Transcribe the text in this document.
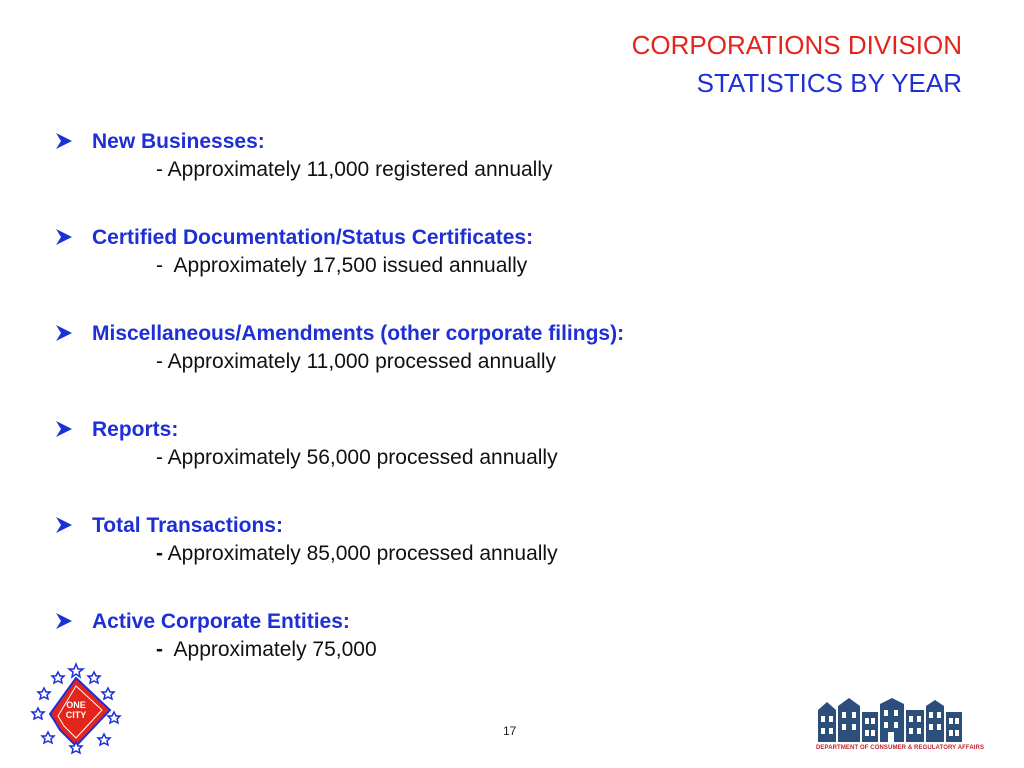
CORPORATIONS DIVISION
STATISTICS BY YEAR
New Businesses:
- Approximately 11,000 registered annually
Certified Documentation/Status Certificates:
-  Approximately 17,500 issued annually
Miscellaneous/Amendments (other corporate filings):
- Approximately 11,000 processed annually
Reports:
- Approximately 56,000 processed annually
Total Transactions:
- Approximately 85,000 processed annually
Active Corporate Entities:
-  Approximately 75,000
ONE
CITY
17
DEPARTMENT OF CONSUMER & REGULATORY AFFAIRS
